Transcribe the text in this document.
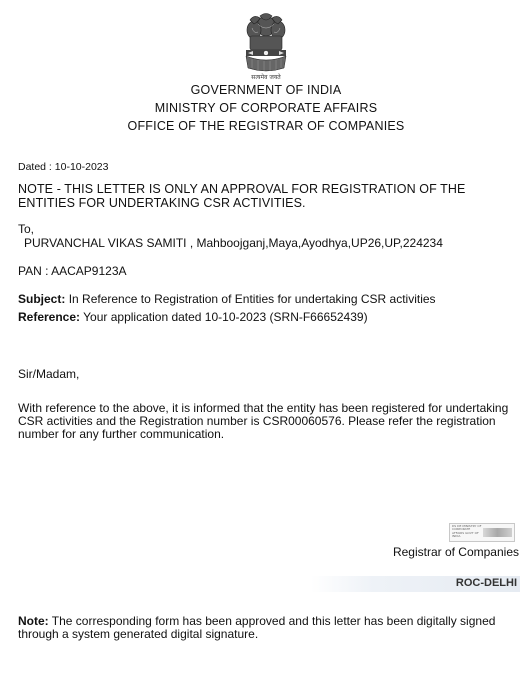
सत्यमेव जयते
GOVERNMENT OF INDIA
MINISTRY OF CORPORATE AFFAIRS
OFFICE OF THE REGISTRAR OF COMPANIES
Dated : 10-10-2023
NOTE - THIS LETTER IS ONLY AN APPROVAL FOR REGISTRATION OF THE
ENTITIES FOR UNDERTAKING CSR ACTIVITIES.
To,
PURVANCHAL VIKAS SAMITI , Mahboojganj,Maya,Ayodhya,UP26,UP,224234
PAN : AACAP9123A
Subject: In Reference to Registration of Entities for undertaking CSR activities
Reference: Your application dated 10-10-2023 (SRN-F66652439)
Sir/Madam,
With reference to the above, it is informed that the entity has been registered for undertaking
CSR activities and the Registration number is CSR00060576. Please refer the registration
number for any further communication.
DS DE MINISTRY OF CORPORATE AFFAIRS GOVT OF INDIA
Registrar of Companies
ROC-DELHI
Note: The corresponding form has been approved and this letter has been digitally signed
through a system generated digital signature.
